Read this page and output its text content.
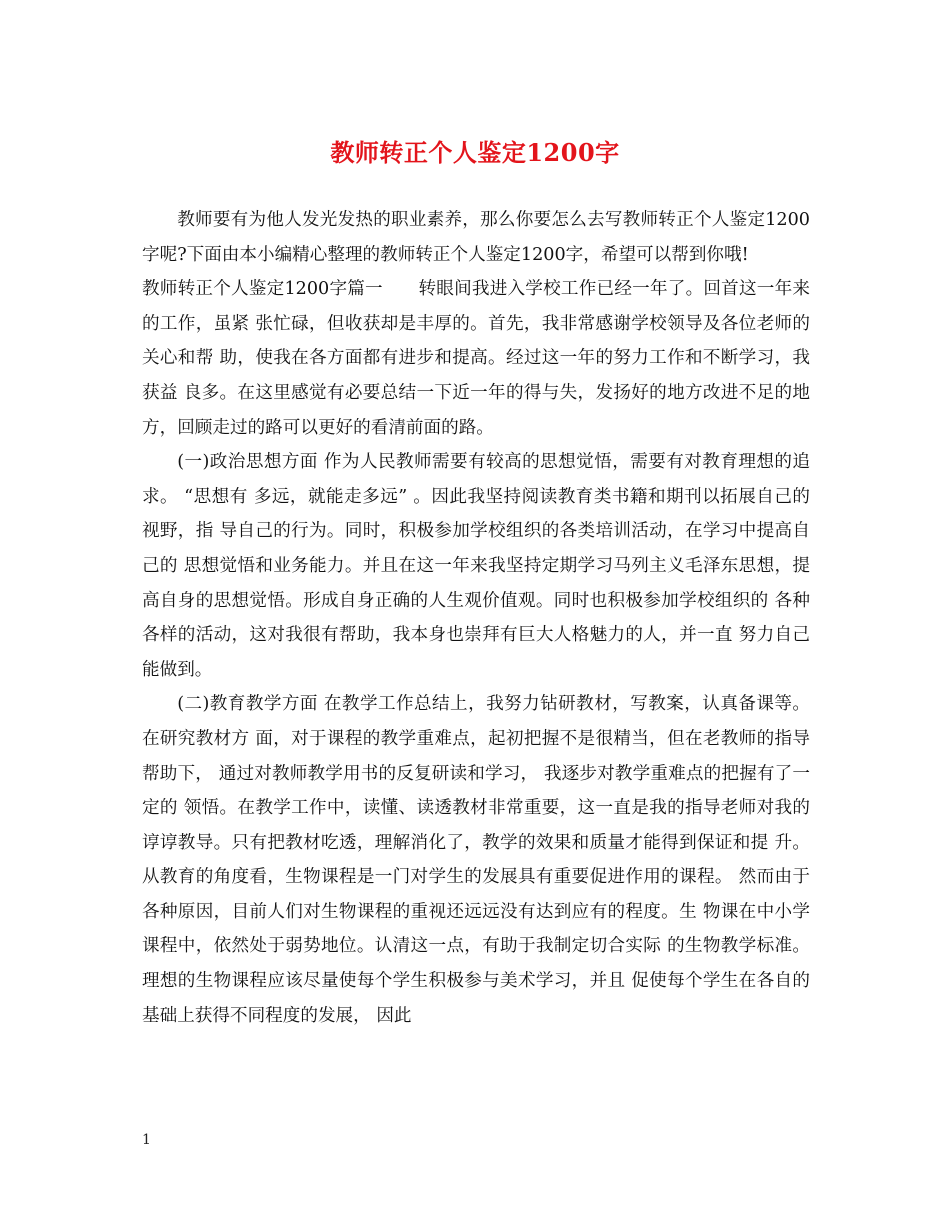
教师转正个人鉴定1200字

教师要有为他人发光发热的职业素养，那么你要怎么去写教师转正个人鉴定1200字呢?下面由本小编精心整理的教师转正个人鉴定1200字，希望可以帮到你哦!

教师转正个人鉴定1200字篇一　　转眼间我进入学校工作已经一年了。回首这一年来的工作，虽紧 张忙碌，但收获却是丰厚的。首先，我非常感谢学校领导及各位老师的关心和帮 助，使我在各方面都有进步和提高。经过这一年的努力工作和不断学习，我获益 良多。在这里感觉有必要总结一下近一年的得与失，发扬好的地方改进不足的地 方，回顾走过的路可以更好的看清前面的路。

(一)政治思想方面 作为人民教师需要有较高的思想觉悟，需要有对教育理想的追求。 “思想有 多远，就能走多远” 。因此我坚持阅读教育类书籍和期刊以拓展自己的视野，指 导自己的行为。同时，积极参加学校组织的各类培训活动，在学习中提高自己的 思想觉悟和业务能力。并且在这一年来我坚持定期学习马列主义毛泽东思想，提 高自身的思想觉悟。形成自身正确的人生观价值观。同时也积极参加学校组织的 各种各样的活动，这对我很有帮助，我本身也崇拜有巨大人格魅力的人，并一直 努力自己能做到。

(二)教育教学方面 在教学工作总结上，我努力钻研教材，写教案，认真备课等。在研究教材方 面，对于课程的教学重难点，起初把握不是很精当，但在老教师的指导帮助下， 通过对教师教学用书的反复研读和学习， 我逐步对教学重难点的把握有了一定的 领悟。在教学工作中，读懂、读透教材非常重要，这一直是我的指导老师对我的 谆谆教导。只有把教材吃透，理解消化了，教学的效果和质量才能得到保证和提 升。从教育的角度看，生物课程是一门对学生的发展具有重要促进作用的课程。 然而由于各种原因，目前人们对生物课程的重视还远远没有达到应有的程度。生 物课在中小学课程中，依然处于弱势地位。认清这一点，有助于我制定切合实际 的生物教学标准。理想的生物课程应该尽量使每个学生积极参与美术学习，并且 促使每个学生在各自的基础上获得不同程度的发展， 因此

1
